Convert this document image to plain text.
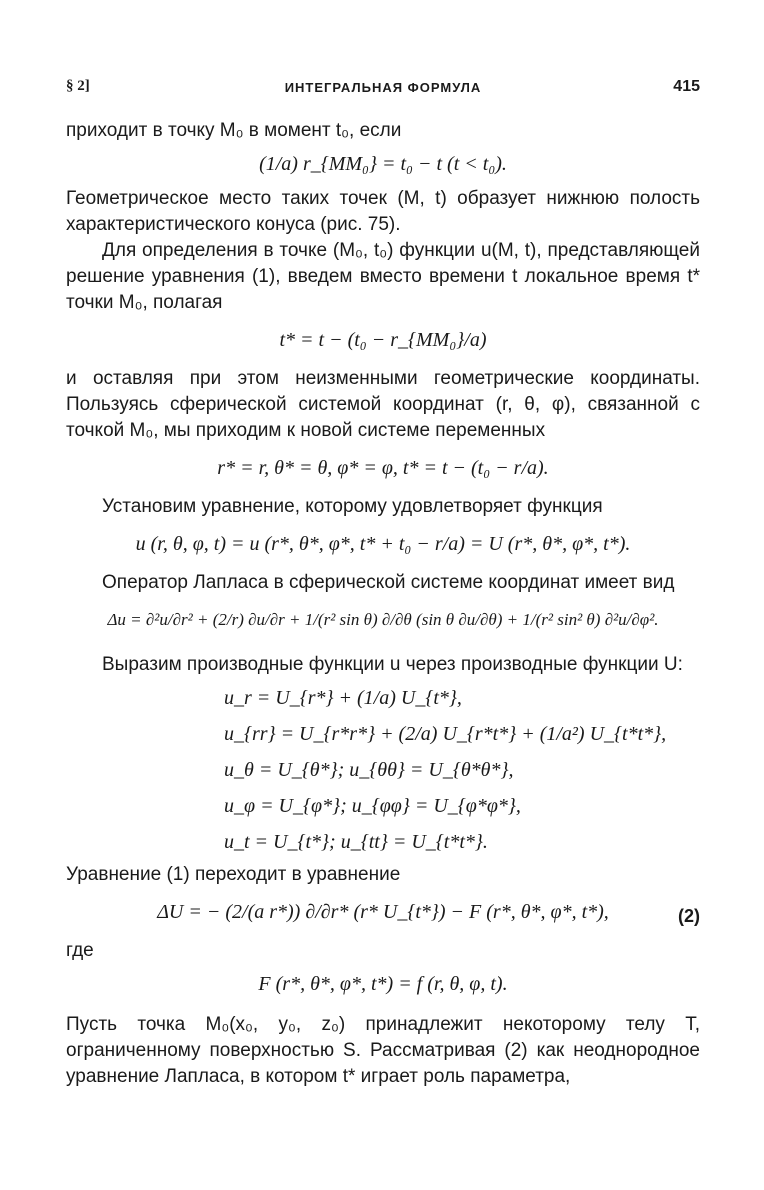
§ 2]	ИНТЕГРАЛЬНАЯ ФОРМУЛА	415

приходит в точку M₀ в момент t₀, если

(1/a) r_{MM₀} = t₀ − t (t < t₀).

Геометрическое место таких точек (M, t) образует нижнюю полость характеристического конуса (рис. 75).

Для определения в точке (M₀, t₀) функции u(M, t), представляющей решение уравнения (1), введем вместо времени t локальное время t* точки M₀, полагая

t* = t − (t₀ − r_{MM₀}/a)

и оставляя при этом неизменными геометрические координаты. Пользуясь сферической системой координат (r, θ, φ), связанной с точкой M₀, мы приходим к новой системе переменных

r* = r, θ* = θ, φ* = φ, t* = t − (t₀ − r/a).

Установим уравнение, которому удовлетворяет функция

u (r, θ, φ, t) = u (r*, θ*, φ*, t* + t₀ − r/a) = U (r*, θ*, φ*, t*).

Оператор Лапласа в сферической системе координат имеет вид

Δu = ∂²u/∂r² + (2/r) ∂u/∂r + 1/(r² sin θ) ∂/∂θ (sin θ ∂u/∂θ) + 1/(r² sin² θ) ∂²u/∂φ².

Выразим производные функции u через производные функции U:

u_r = U_{r*} + (1/a) U_{t*},
u_{rr} = U_{r*r*} + (2/a) U_{r*t*} + (1/a²) U_{t*t*},
u_θ = U_{θ*}; u_{θθ} = U_{θ*θ*},
u_φ = U_{φ*}; u_{φφ} = U_{φ*φ*},
u_t = U_{t*}; u_{tt} = U_{t*t*}.

Уравнение (1) переходит в уравнение

ΔU = − (2/(a r*)) ∂/∂r* (r* U_{t*}) − F (r*, θ*, φ*, t*),	(2)

где

F (r*, θ*, φ*, t*) = f (r, θ, φ, t).

Пусть точка M₀(x₀, y₀, z₀) принадлежит некоторому телу T, ограниченному поверхностью S. Рассматривая (2) как неоднородное уравнение Лапласа, в котором t* играет роль параметра,
